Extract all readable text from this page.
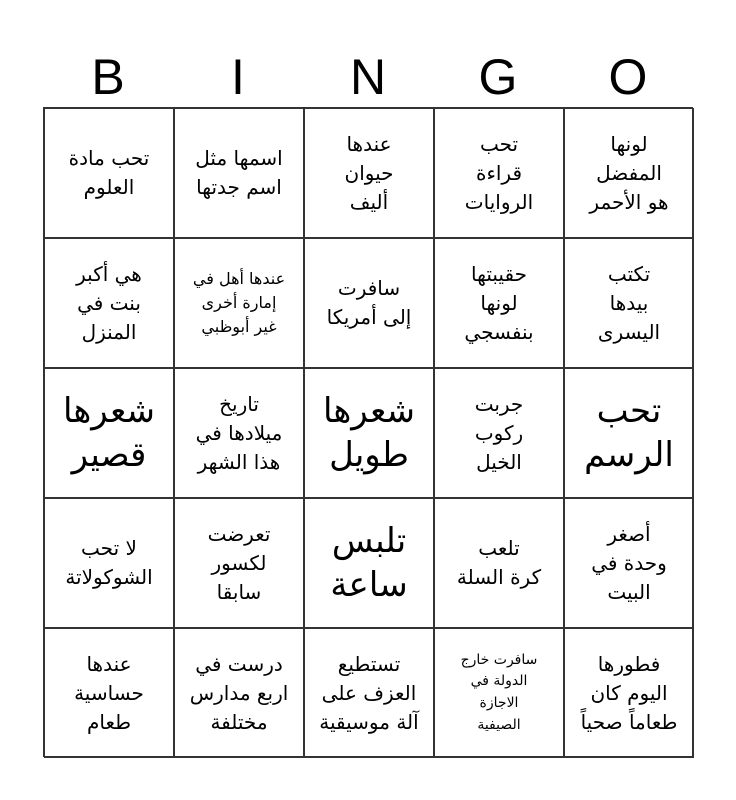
B	I	N	G	O
تحب مادة
العلوم
اسمها مثل
اسم جدتها
عندها
حيوان
أليف
تحب
قراءة
الروايات
لونها
المفضل
هو الأحمر
هي أكبر
بنت في
المنزل
عندها أهل في
إمارة أخرى
غير أبوظبي
سافرت
إلى أمريكا
حقيبتها
لونها
بنفسجي
تكتب
بيدها
اليسرى
شعرها
قصير
تاريخ
ميلادها في
هذا الشهر
شعرها
طويل
جربت
ركوب
الخيل
تحب
الرسم
لا تحب
الشوكولاتة
تعرضت
لكسور
سابقا
تلبس
ساعة
تلعب
كرة السلة
أصغر
وحدة في
البيت
عندها
حساسية
طعام
درست في
اربع مدارس
مختلفة
تستطيع
العزف على
آلة موسيقية
سافرت خارج
الدولة في
الاجازة
الصيفية
فطورها
اليوم كان
طعاماً صحياً
